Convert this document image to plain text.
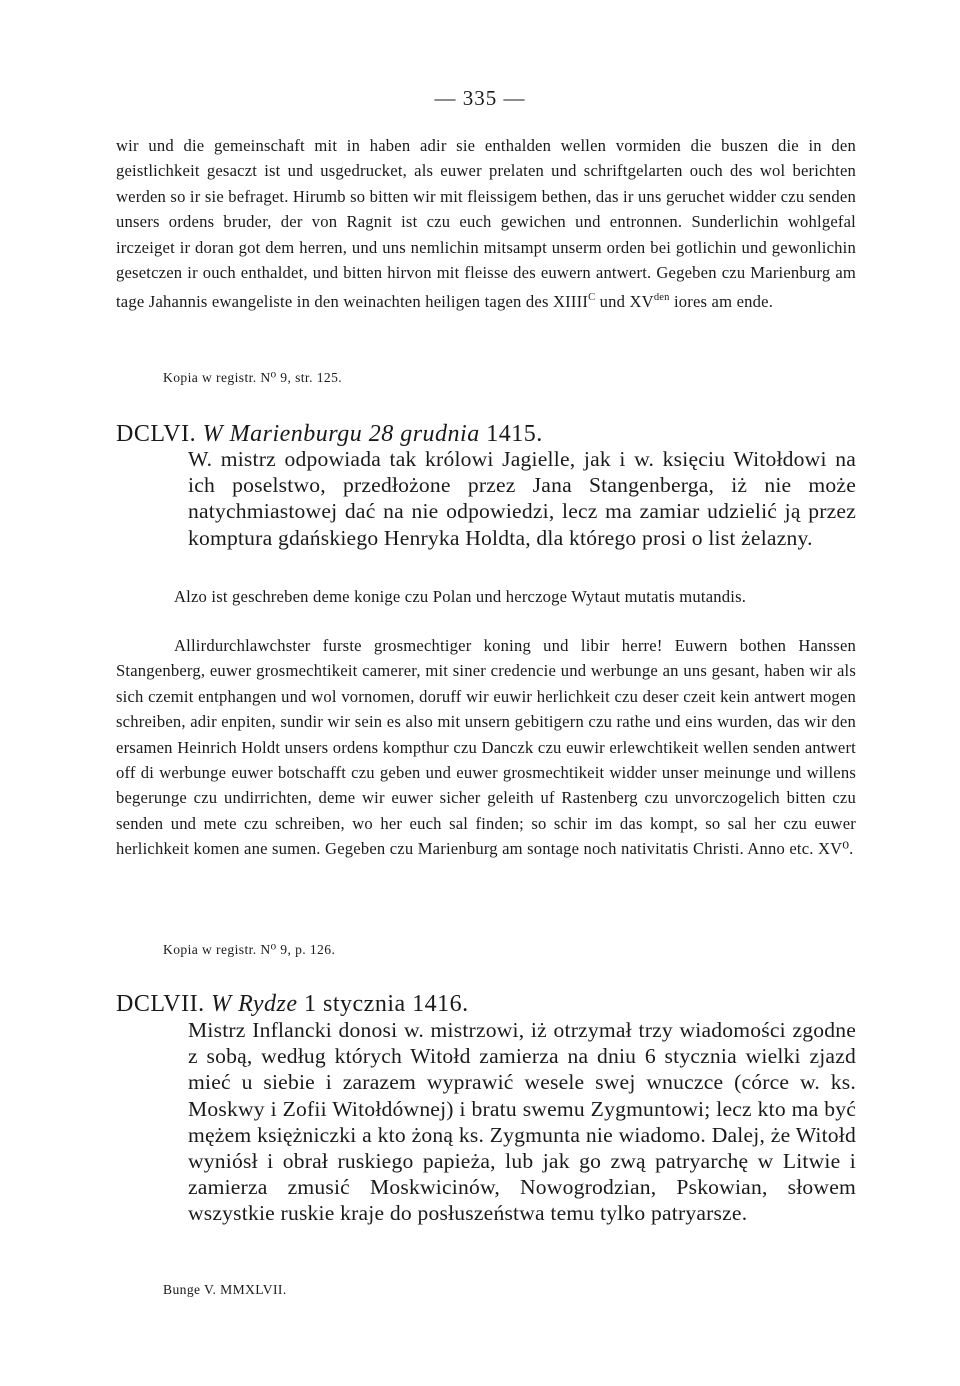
— 335 —

wir und die gemeinschaft mit in haben adir sie enthalden wellen vormiden die buszen die in den geistlichkeit gesaczt ist und usgedrucket, als euwer prelaten und schriftgelarten ouch des wol berichten werden so ir sie befraget. Hirumb so bitten wir mit fleissigem bethen, das ir uns geruchet widder czu senden unsers ordens bruder, der von Ragnit ist czu euch gewichen und entronnen. Sunderlichin wohlgefal irczeiget ir doran got dem herren, und uns nemlichin mitsampt unserm orden bei gotlichin und gewonlichin gesetczen ir ouch enthaldet, und bitten hirvon mit fleisse des euwern antwert. Gegeben czu Marienburg am tage Jahannis ewangeliste in den weinachten heiligen tagen des $XIIII^C$ und $XV^{den}$ iores am ende.

Kopia w registr. N⁰ 9, str. 125.
DCLVI. W Marienburgu 28 grudnia 1415.

W. mistrz odpowiada tak królowi Jagielle, jak i w. księciu Witołdowi na ich poselstwo, przedłożone przez Jana Stangenberga, iż nie może natychmiastowej dać na nie odpowiedzi, lecz ma zamiar udzielić ją przez komptura gdańskiego Henryka Holdta, dla którego prosi o list żelazny.

Alzo ist geschreben deme konige czu Polan und herczoge Wytaut mutatis mutandis.

Allirdurchlawchster furste grosmechtiger koning und libir herre! Euwern bothen Hanssen Stangenberg, euwer grosmechtikeit camerer, mit siner credencie und werbunge an uns gesant, haben wir als sich czemit entphangen und wol vornomen, doruff wir euwir herlichkeit czu deser czeit kein antwert mogen schreiben, adir enpiten, sundir wir sein es also mit unsern gebitigern czu rathe und eins wurden, das wir den ersamen Heinrich Holdt unsers ordens kompthur czu Danczk czu euwir erlewchtikeit wellen senden antwert off di werbunge euwer botschafft czu geben und euwer grosmechtikeit widder unser meinunge und willens begerunge czu undirrichten, deme wir euwer sicher geleith uf Rastenberg czu unvorczogelich bitten czu senden und mete czu schreiben, wo her euch sal finden; so schir im das kompt, so sal her czu euwer herlichkeit komen ane sumen. Gegeben czu Marienburg am sontage noch nativitatis Christi. Anno etc. XV⁰.

Kopia w registr. N⁰ 9, p. 126.
DCLVII. W Rydze 1 stycznia 1416.

Mistrz Inflancki donosi w. mistrzowi, iż otrzymał trzy wiadomości zgodne z sobą, według których Witołd zamierza na dniu 6 stycznia wielki zjazd mieć u siebie i zarazem wyprawić wesele swej wnuczce (córce w. ks. Moskwy i Zofii Witołdównej) i bratu swemu Zygmuntowi; lecz kto ma być mężem księżniczki a kto żoną ks. Zygmunta nie wiadomo. Dalej, że Witołd wyniósł i obrał ruskiego papieża, lub jak go zwą patryarchę w Litwie i zamierza zmusić Moskwicinów, Nowogrodzian, Pskowian, słowem wszystkie ruskie kraje do posłuszeństwa temu tylko patryarsze.

Bunge V. MMXLVII.
